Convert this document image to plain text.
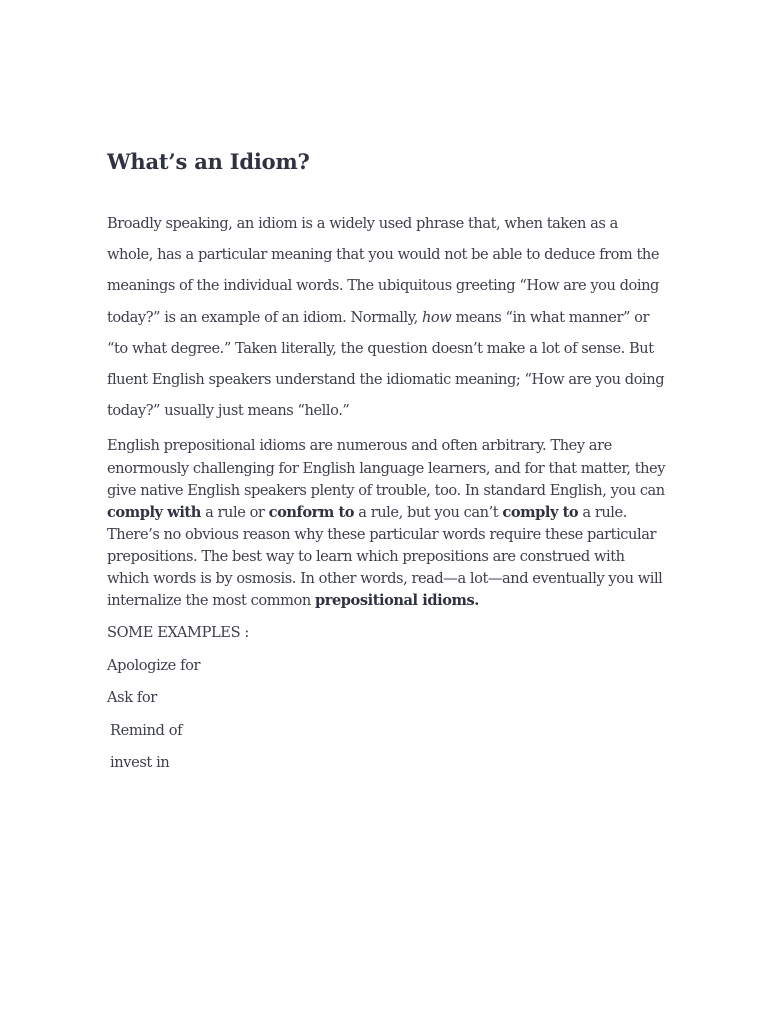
What’s an Idiom?

Broadly speaking, an idiom is a widely used phrase that, when taken as a whole, has a particular meaning that you would not be able to deduce from the meanings of the individual words. The ubiquitous greeting “How are you doing today?” is an example of an idiom. Normally, how means “in what manner” or “to what degree.” Taken literally, the question doesn’t make a lot of sense. But fluent English speakers understand the idiomatic meaning; “How are you doing today?” usually just means “hello.”

English prepositional idioms are numerous and often arbitrary. They are enormously challenging for English language learners, and for that matter, they give native English speakers plenty of trouble, too. In standard English, you can comply with a rule or conform to a rule, but you can’t comply to a rule. There’s no obvious reason why these particular words require these particular prepositions. The best way to learn which prepositions are construed with which words is by osmosis. In other words, read—a lot—and eventually you will internalize the most common prepositional idioms.

SOME EXAMPLES :

Apologize for

Ask for

Remind of

invest in
